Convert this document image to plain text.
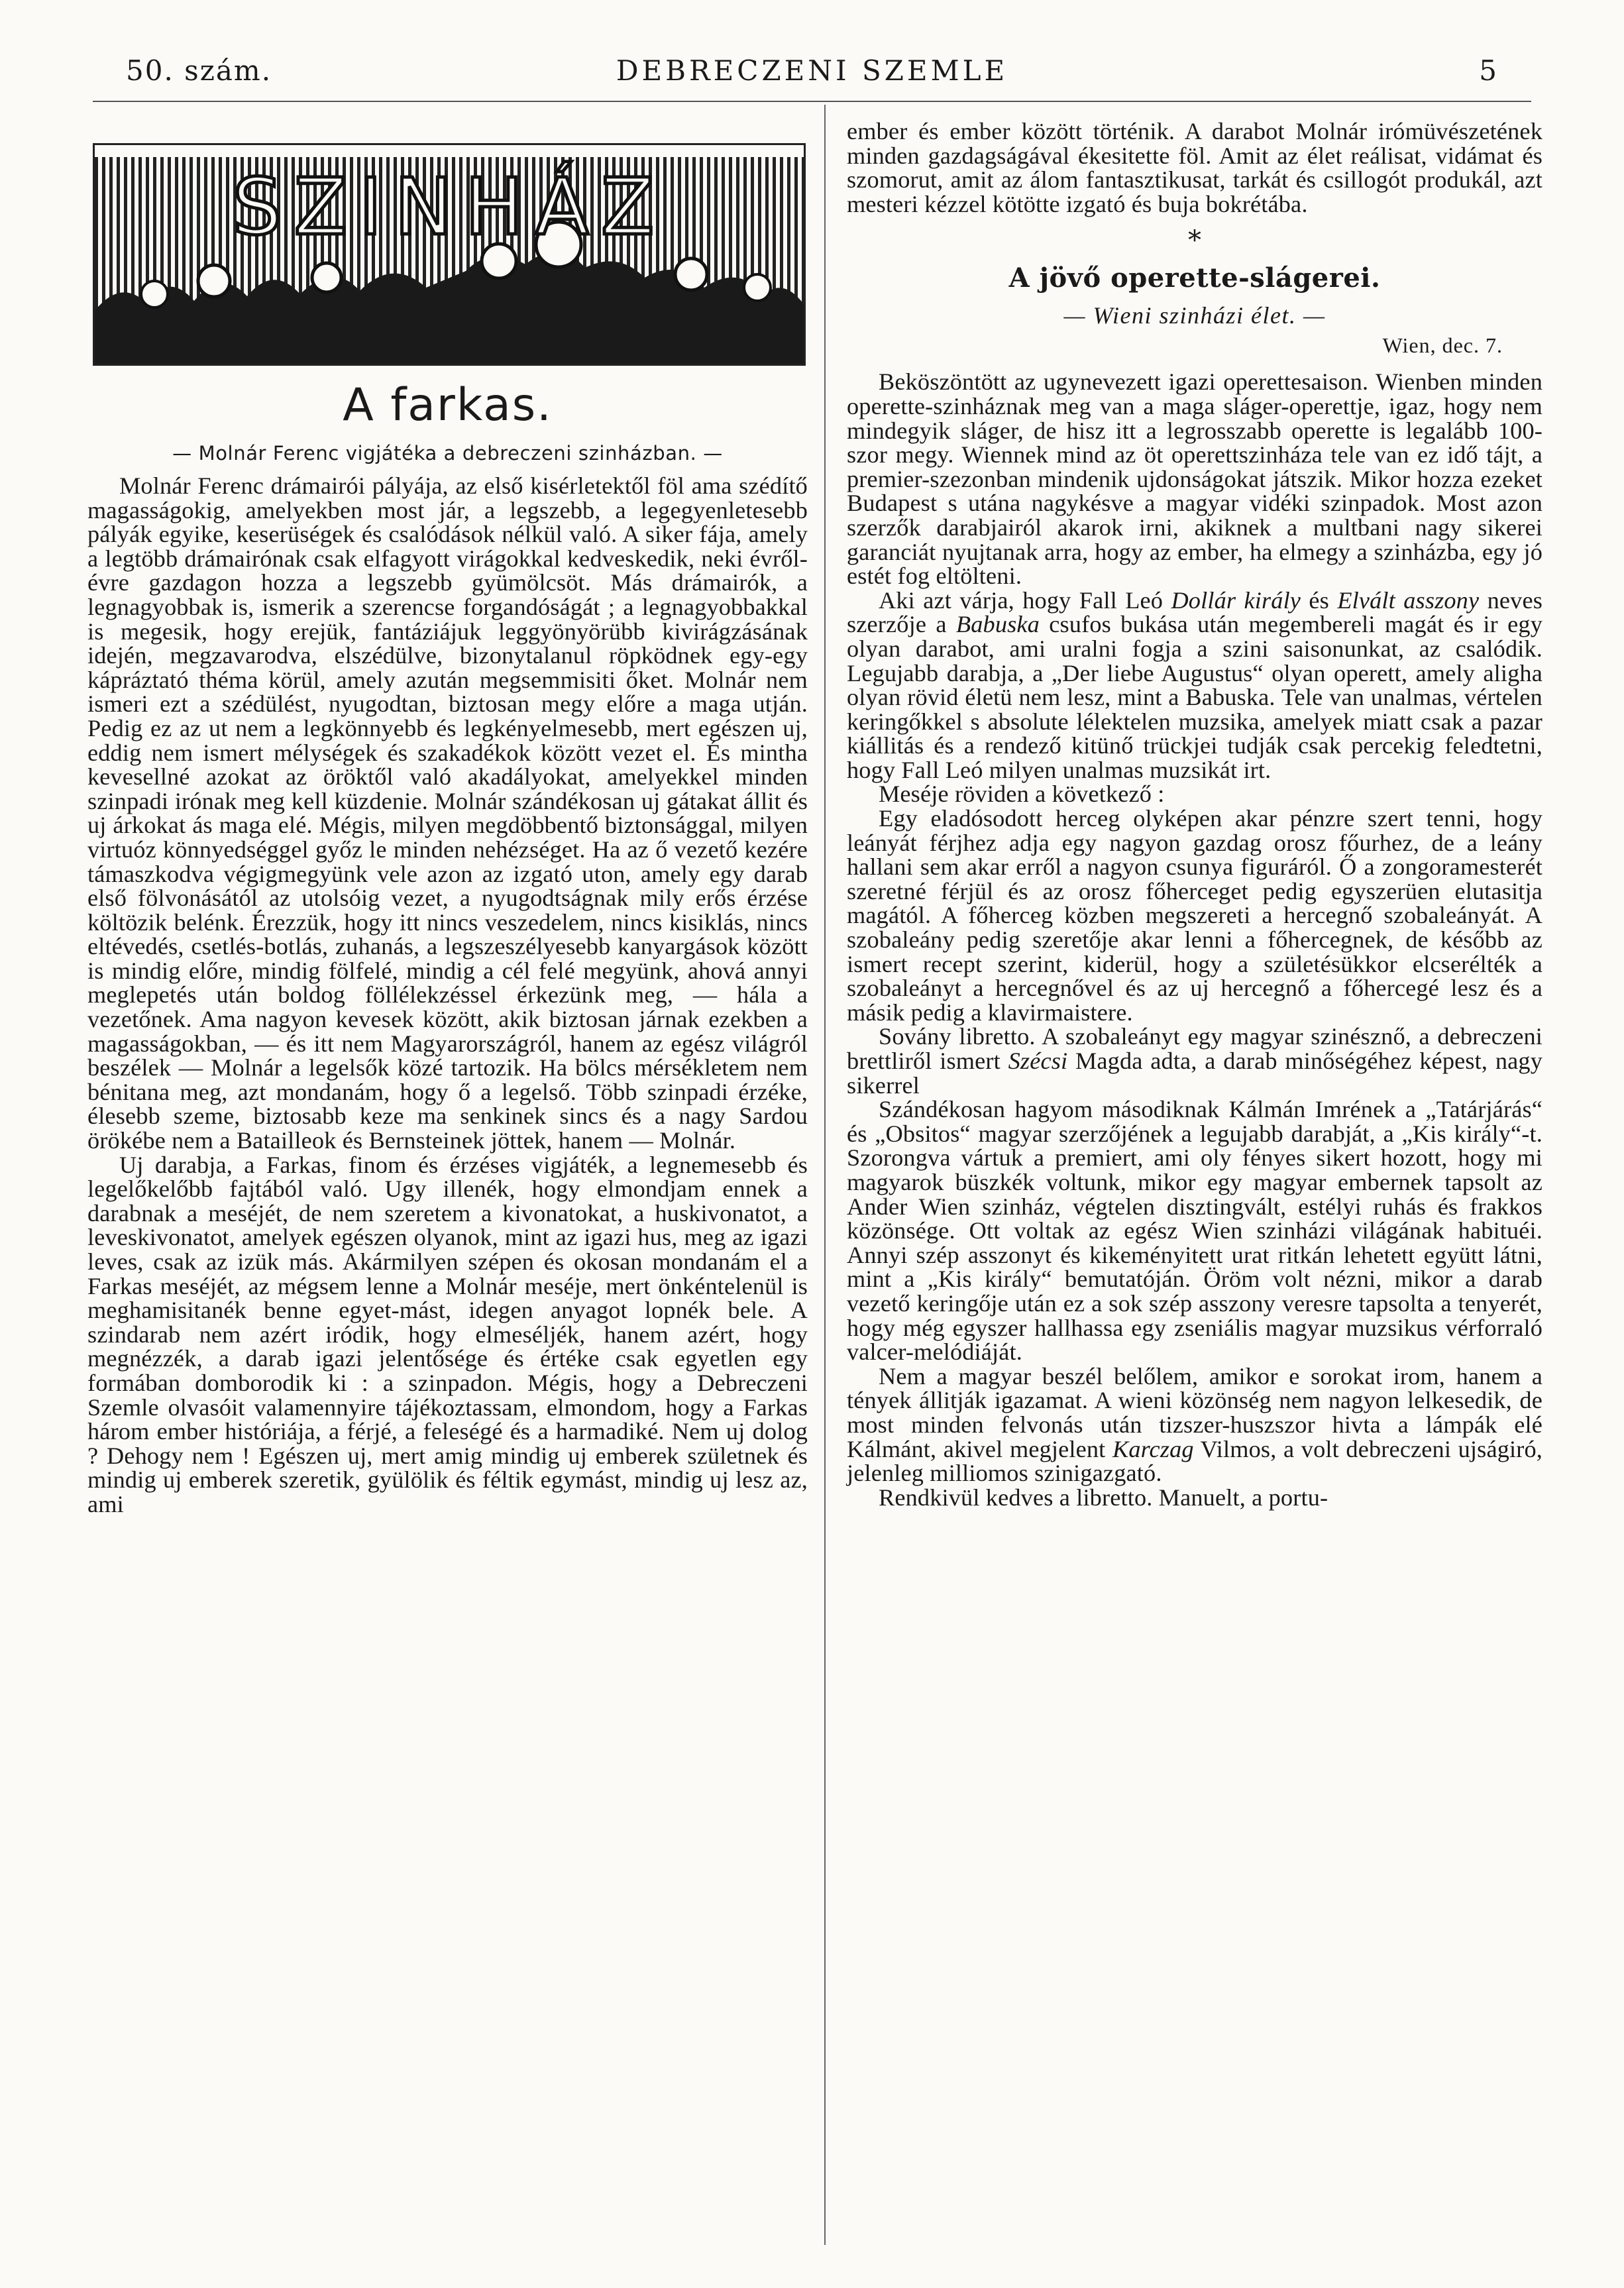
50. szám.	DEBRECZENI SZEMLE	5
SZINHÁZ
A farkas.
— Molnár Ferenc vigjátéka a debreczeni szinházban. —

Molnár Ferenc drámairói pályája, az első kisérletektől föl ama szédítő magasságokig, amelyekben most jár, a legszebb, a legegyenletesebb pályák egyike, keserüségek és csalódások nélkül való. A siker fája, amely a legtöbb drámairónak csak elfagyott virágokkal kedveskedik, neki évről-évre gazdagon hozza a legszebb gyümölcsöt. Más drámairók, a legnagyobbak is, ismerik a szerencse forgandóságát ; a legnagyobbakkal is megesik, hogy erejük, fantáziájuk leggyönyörübb kivirágzásának idején, megzavarodva, elszédülve, bizonytalanul röpködnek egy-egy kápráztató théma körül, amely azután megsemmisiti őket. Molnár nem ismeri ezt a szédülést, nyugodtan, biztosan megy előre a maga utján. Pedig ez az ut nem a legkönnyebb és legkényelmesebb, mert egészen uj, eddig nem ismert mélységek és szakadékok között vezet el. És mintha kevesellné azokat az öröktől való akadályokat, amelyekkel minden szinpadi irónak meg kell küzdenie. Molnár szándékosan uj gátakat állit és uj árkokat ás maga elé. Mégis, milyen megdöbbentő biztonsággal, milyen virtuóz könnyedséggel győz le minden nehézséget. Ha az ő vezető kezére támaszkodva végigmegyünk vele azon az izgató uton, amely egy darab első fölvonásától az utolsóig vezet, a nyugodtságnak mily erős érzése költözik belénk. Érezzük, hogy itt nincs veszedelem, nincs kisiklás, nincs eltévedés, csetlés-botlás, zuhanás, a legszeszélyesebb kanyargások között is mindig előre, mindig fölfelé, mindig a cél felé megyünk, ahová annyi meglepetés után boldog föllélekzéssel érkezünk meg, — hála a vezetőnek. Ama nagyon kevesek között, akik biztosan járnak ezekben a magasságokban, — és itt nem Magyarországról, hanem az egész világról beszélek — Molnár a legelsők közé tartozik. Ha bölcs mérsékletem nem bénitana meg, azt mondanám, hogy ő a legelső. Több szinpadi érzéke, élesebb szeme, biztosabb keze ma senkinek sincs és a nagy Sardou örökébe nem a Batailleok és Bernsteinek jöttek, hanem — Molnár.

Uj darabja, a Farkas, finom és érzéses vigjáték, a legnemesebb és legelőkelőbb fajtából való. Ugy illenék, hogy elmondjam ennek a darabnak a meséjét, de nem szeretem a kivonatokat, a huskivonatot, a leveskivonatot, amelyek egészen olyanok, mint az igazi hus, meg az igazi leves, csak az izük más. Akármilyen szépen és okosan mondanám el a Farkas meséjét, az mégsem lenne a Molnár meséje, mert önkéntelenül is meghamisitanék benne egyet-mást, idegen anyagot lopnék bele. A szindarab nem azért iródik, hogy elmeséljék, hanem azért, hogy megnézzék, a darab igazi jelentősége és értéke csak egyetlen egy formában domborodik ki : a szinpadon. Mégis, hogy a Debreczeni Szemle olvasóit valamennyire tájékoztassam, elmondom, hogy a Farkas három ember históriája, a férjé, a feleségé és a harmadiké. Nem uj dolog ? Dehogy nem ! Egészen uj, mert amig mindig uj emberek születnek és mindig uj emberek szeretik, gyülölik és féltik egymást, mindig uj lesz az, ami

ember és ember között történik. A darabot Molnár irómüvészetének minden gazdagságával ékesitette föl. Amit az élet reálisat, vidámat és szomorut, amit az álom fantasztikusat, tarkát és csillogót produkál, azt mesteri kézzel kötötte izgató és buja bokrétába.

*
A jövő operette-slágerei.
— Wieni szinházi élet. —
Wien, dec. 7.

Beköszöntött az ugynevezett igazi operettesaison. Wienben minden operette-szinháznak meg van a maga sláger-operettje, igaz, hogy nem mindegyik sláger, de hisz itt a legrosszabb operette is legalább 100-szor megy. Wiennek mind az öt operettszinháza tele van ez idő tájt, a premier-szezonban mindenik ujdonságokat játszik. Mikor hozza ezeket Budapest s utána nagykésve a magyar vidéki szinpadok. Most azon szerzők darabjairól akarok irni, akiknek a multbani nagy sikerei garanciát nyujtanak arra, hogy az ember, ha elmegy a szinházba, egy jó estét fog eltölteni.

Aki azt várja, hogy Fall Leó Dollár király és Elvált asszony neves szerzője a Babuska csufos bukása után megembereli magát és ir egy olyan darabot, ami uralni fogja a szini saisonunkat, az csalódik. Legujabb darabja, a „Der liebe Augustus“ olyan operett, amely aligha olyan rövid életü nem lesz, mint a Babuska. Tele van unalmas, vértelen keringőkkel s absolute lélektelen muzsika, amelyek miatt csak a pazar kiállitás és a rendező kitünő trückjei tudják csak percekig feledtetni, hogy Fall Leó milyen unalmas muzsikát irt.

Meséje röviden a következő :

Egy eladósodott herceg olyképen akar pénzre szert tenni, hogy leányát férjhez adja egy nagyon gazdag orosz főurhez, de a leány hallani sem akar erről a nagyon csunya figuráról. Ő a zongoramesterét szeretné férjül és az orosz főherceget pedig egyszerüen elutasitja magától. A főherceg közben megszereti a hercegnő szobaleányát. A szobaleány pedig szeretője akar lenni a főhercegnek, de később az ismert recept szerint, kiderül, hogy a születésükkor elcserélték a szobaleányt a hercegnővel és az uj hercegnő a főhercegé lesz és a másik pedig a klavirmaistere.

Sovány libretto. A szobaleányt egy magyar szinésznő, a debreczeni brettliről ismert Szécsi Magda adta, a darab minőségéhez képest, nagy sikerrel

Szándékosan hagyom másodiknak Kálmán Imrének a „Tatárjárás“ és „Obsitos“ magyar szerzőjének a legujabb darabját, a „Kis király“-t. Szorongva vártuk a premiert, ami oly fényes sikert hozott, hogy mi magyarok büszkék voltunk, mikor egy magyar embernek tapsolt az Ander Wien szinház, végtelen disztingvált, estélyi ruhás és frakkos közönsége. Ott voltak az egész Wien szinházi világának habituéi. Annyi szép asszonyt és kikeményitett urat ritkán lehetett együtt látni, mint a „Kis király“ bemutatóján. Öröm volt nézni, mikor a darab vezető keringője után ez a sok szép asszony veresre tapsolta a tenyerét, hogy még egyszer hallhassa egy zseniális magyar muzsikus vérforraló valcer-melódiáját.

Nem a magyar beszél belőlem, amikor e sorokat irom, hanem a tények állitják igazamat. A wieni közönség nem nagyon lelkesedik, de most minden felvonás után tizszer-huszszor hivta a lámpák elé Kálmánt, akivel megjelent Karczag Vilmos, a volt debreczeni ujságiró, jelenleg milliomos szinigazgató.

Rendkivül kedves a libretto. Manuelt, a portu-
